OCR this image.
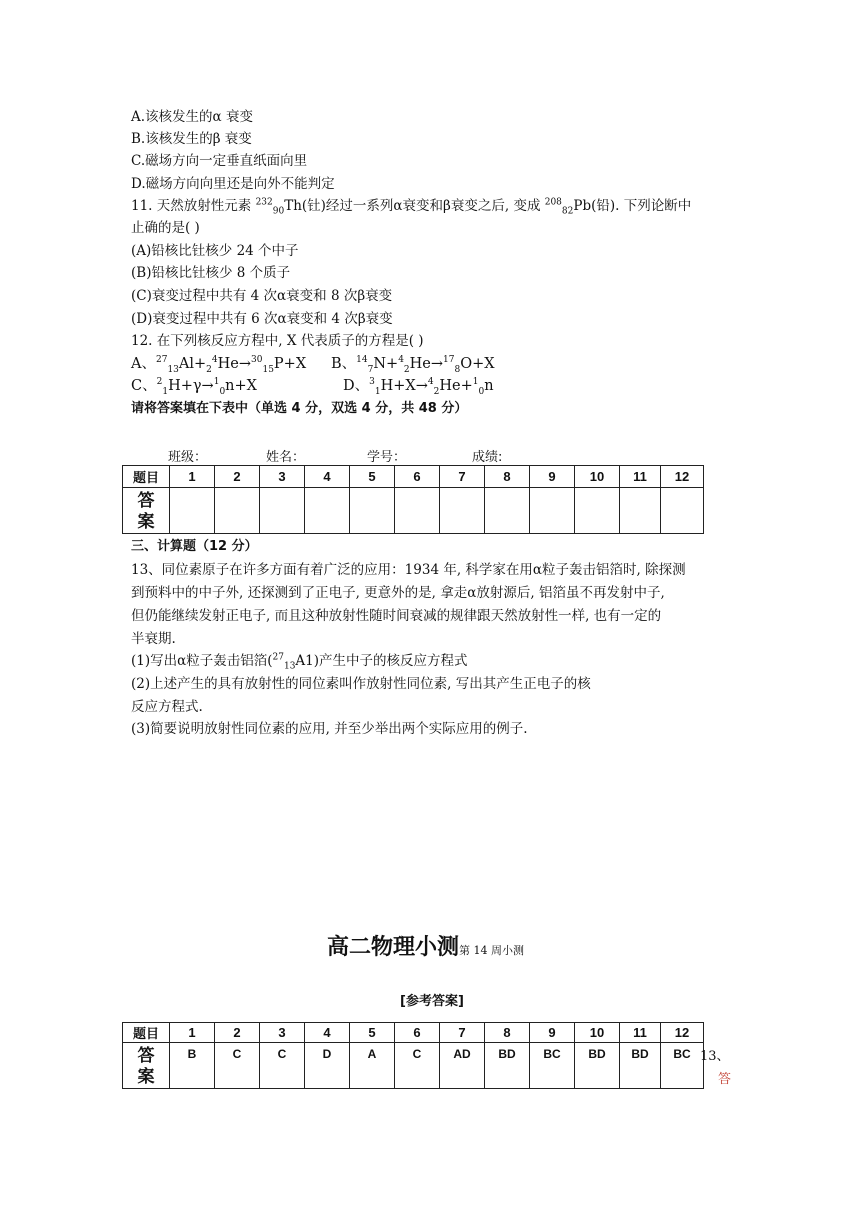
A.该核发生的α 衰变
B.该核发生的β 衰变
C.磁场方向一定垂直纸面向里
D.磁场方向向里还是向外不能判定
11. 天然放射性元素 $^{232}_{90}$Th(钍)经过一系列α衰变和β衰变之后, 变成 $^{208}_{82}$Pb(铅). 下列论断中
止确的是( )
(A)铅核比钍核少 24 个中子
(B)铅核比钍核少 8 个质子
(C)衰变过程中共有 4 次α衰变和 8 次β衰变
(D)衰变过程中共有 6 次α衰变和 4 次β衰变
12. 在下列核反应方程中, X 代表质子的方程是( )
A、$^{27}_{13}Al+_2^4He\to^{30}_{15}P+X$ B、$^{14}_7$N+$^4_2$He→$^{17}_8$O+X
C、$^2_1$H+γ→$^1_0$n+X	D、$^3_1$H+X→$^4_2$He+$^1_0$n
请将答案填在下表中（单选 4 分，双选 4 分，共 48 分）
班级：	姓名：	学号：	成绩:
题目	1	2	3	4	5	6	7	8	9	10	11	12
答案												
三、计算题（12 分）
13、同位素原子在许多方面有着广泛的应用：1934 年, 科学家在用α粒子轰击铝箔时, 除探测
到预料中的中子外, 还探测到了正电子, 更意外的是, 拿走α放射源后, 铝箔虽不再发射中子,
但仍能继续发射正电子, 而且这种放射性随时间衰减的规律跟天然放射性一样, 也有一定的
半衰期.
(1)写出α粒子轰击铝箔($^{27}_{13}$A1)产生中子的核反应方程式
(2)上述产生的具有放射性的同位素叫作放射性同位素, 写出其产生正电子的核
反应方程式.
(3)简要说明放射性同位素的应用, 并至少举出两个实际应用的例子.
高二物理小测第 14 周小测
[参考答案]
题目	1	2	3	4	5	6	7	8	9	10	11	12
答案	B	C	C	D	A	C	AD	BD	BC	BD	BD	BC 13、
答
